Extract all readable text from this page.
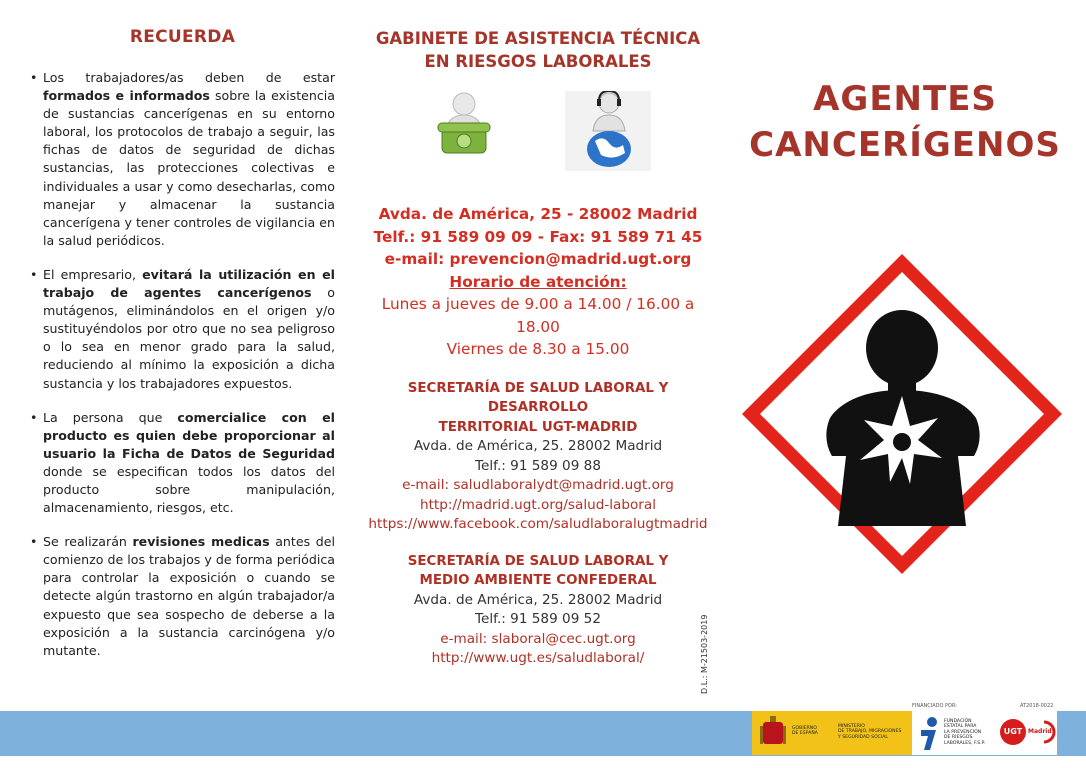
RECUERDA
• Los trabajadores/as deben de estar formados e informados sobre la existencia de sustancias cancerígenas en su entorno laboral, los protocolos de trabajo a seguir, las fichas de datos de seguridad de dichas sustancias, las protecciones colectivas e individuales a usar y como desecharlas, como manejar y almacenar la sustancia cancerígena y tener controles de vigilancia en la salud periódicos.
• El empresario, evitará la utilización en el trabajo de agentes cancerígenos o mutágenos, eliminándolos en el origen y/o sustituyéndolos por otro que no sea peligroso o lo sea en menor grado para la salud, reduciendo al mínimo la exposición a dicha sustancia y los trabajadores expuestos.
• La persona que comercialice con el producto es quien debe proporcionar al usuario la Ficha de Datos de Seguridad donde se especifican todos los datos del producto sobre manipulación, almacenamiento, riesgos, etc.
• Se realizarán revisiones medicas antes del comienzo de los trabajos y de forma periódica para controlar la exposición o cuando se detecte algún trastorno en algún trabajador/a expuesto que sea sospecho de deberse a la exposición a la sustancia carcinógena y/o mutante.
GABINETE DE ASISTENCIA TÉCNICA
EN RIESGOS LABORALES
Avda. de América, 25 - 28002 Madrid
Telf.: 91 589 09 09 - Fax: 91 589 71 45
e-mail: prevencion@madrid.ugt.org
Horario de atención:
Lunes a jueves de 9.00 a 14.00 / 16.00 a 18.00
Viernes de 8.30 a 15.00
SECRETARÍA DE SALUD LABORAL Y DESARROLLO
TERRITORIAL UGT-MADRID
Avda. de América, 25. 28002 Madrid
Telf.: 91 589 09 88
e-mail: saludlaboralydt@madrid.ugt.org
http://madrid.ugt.org/salud-laboral
https://www.facebook.com/saludlaboralugtmadrid
SECRETARÍA DE SALUD LABORAL Y
MEDIO AMBIENTE CONFEDERAL
Avda. de América, 25. 28002 Madrid
Telf.: 91 589 09 52
e-mail: slaboral@cec.ugt.org
http://www.ugt.es/saludlaboral/	D.L.: M-21503-2019
AGENTES
CANCERÍGENOS
FINANCIADO POR:	AT2018-0022
GOBIERNO
DE ESPAÑA
MINISTERIO
DE TRABAJO, MIGRACIONES
Y SEGURIDAD SOCIAL
FUNDACIÓN
ESTATAL PARA
LA PREVENCIÓN
DE RIESGOS
LABORALES, F.S.P.
UGT Madrid
